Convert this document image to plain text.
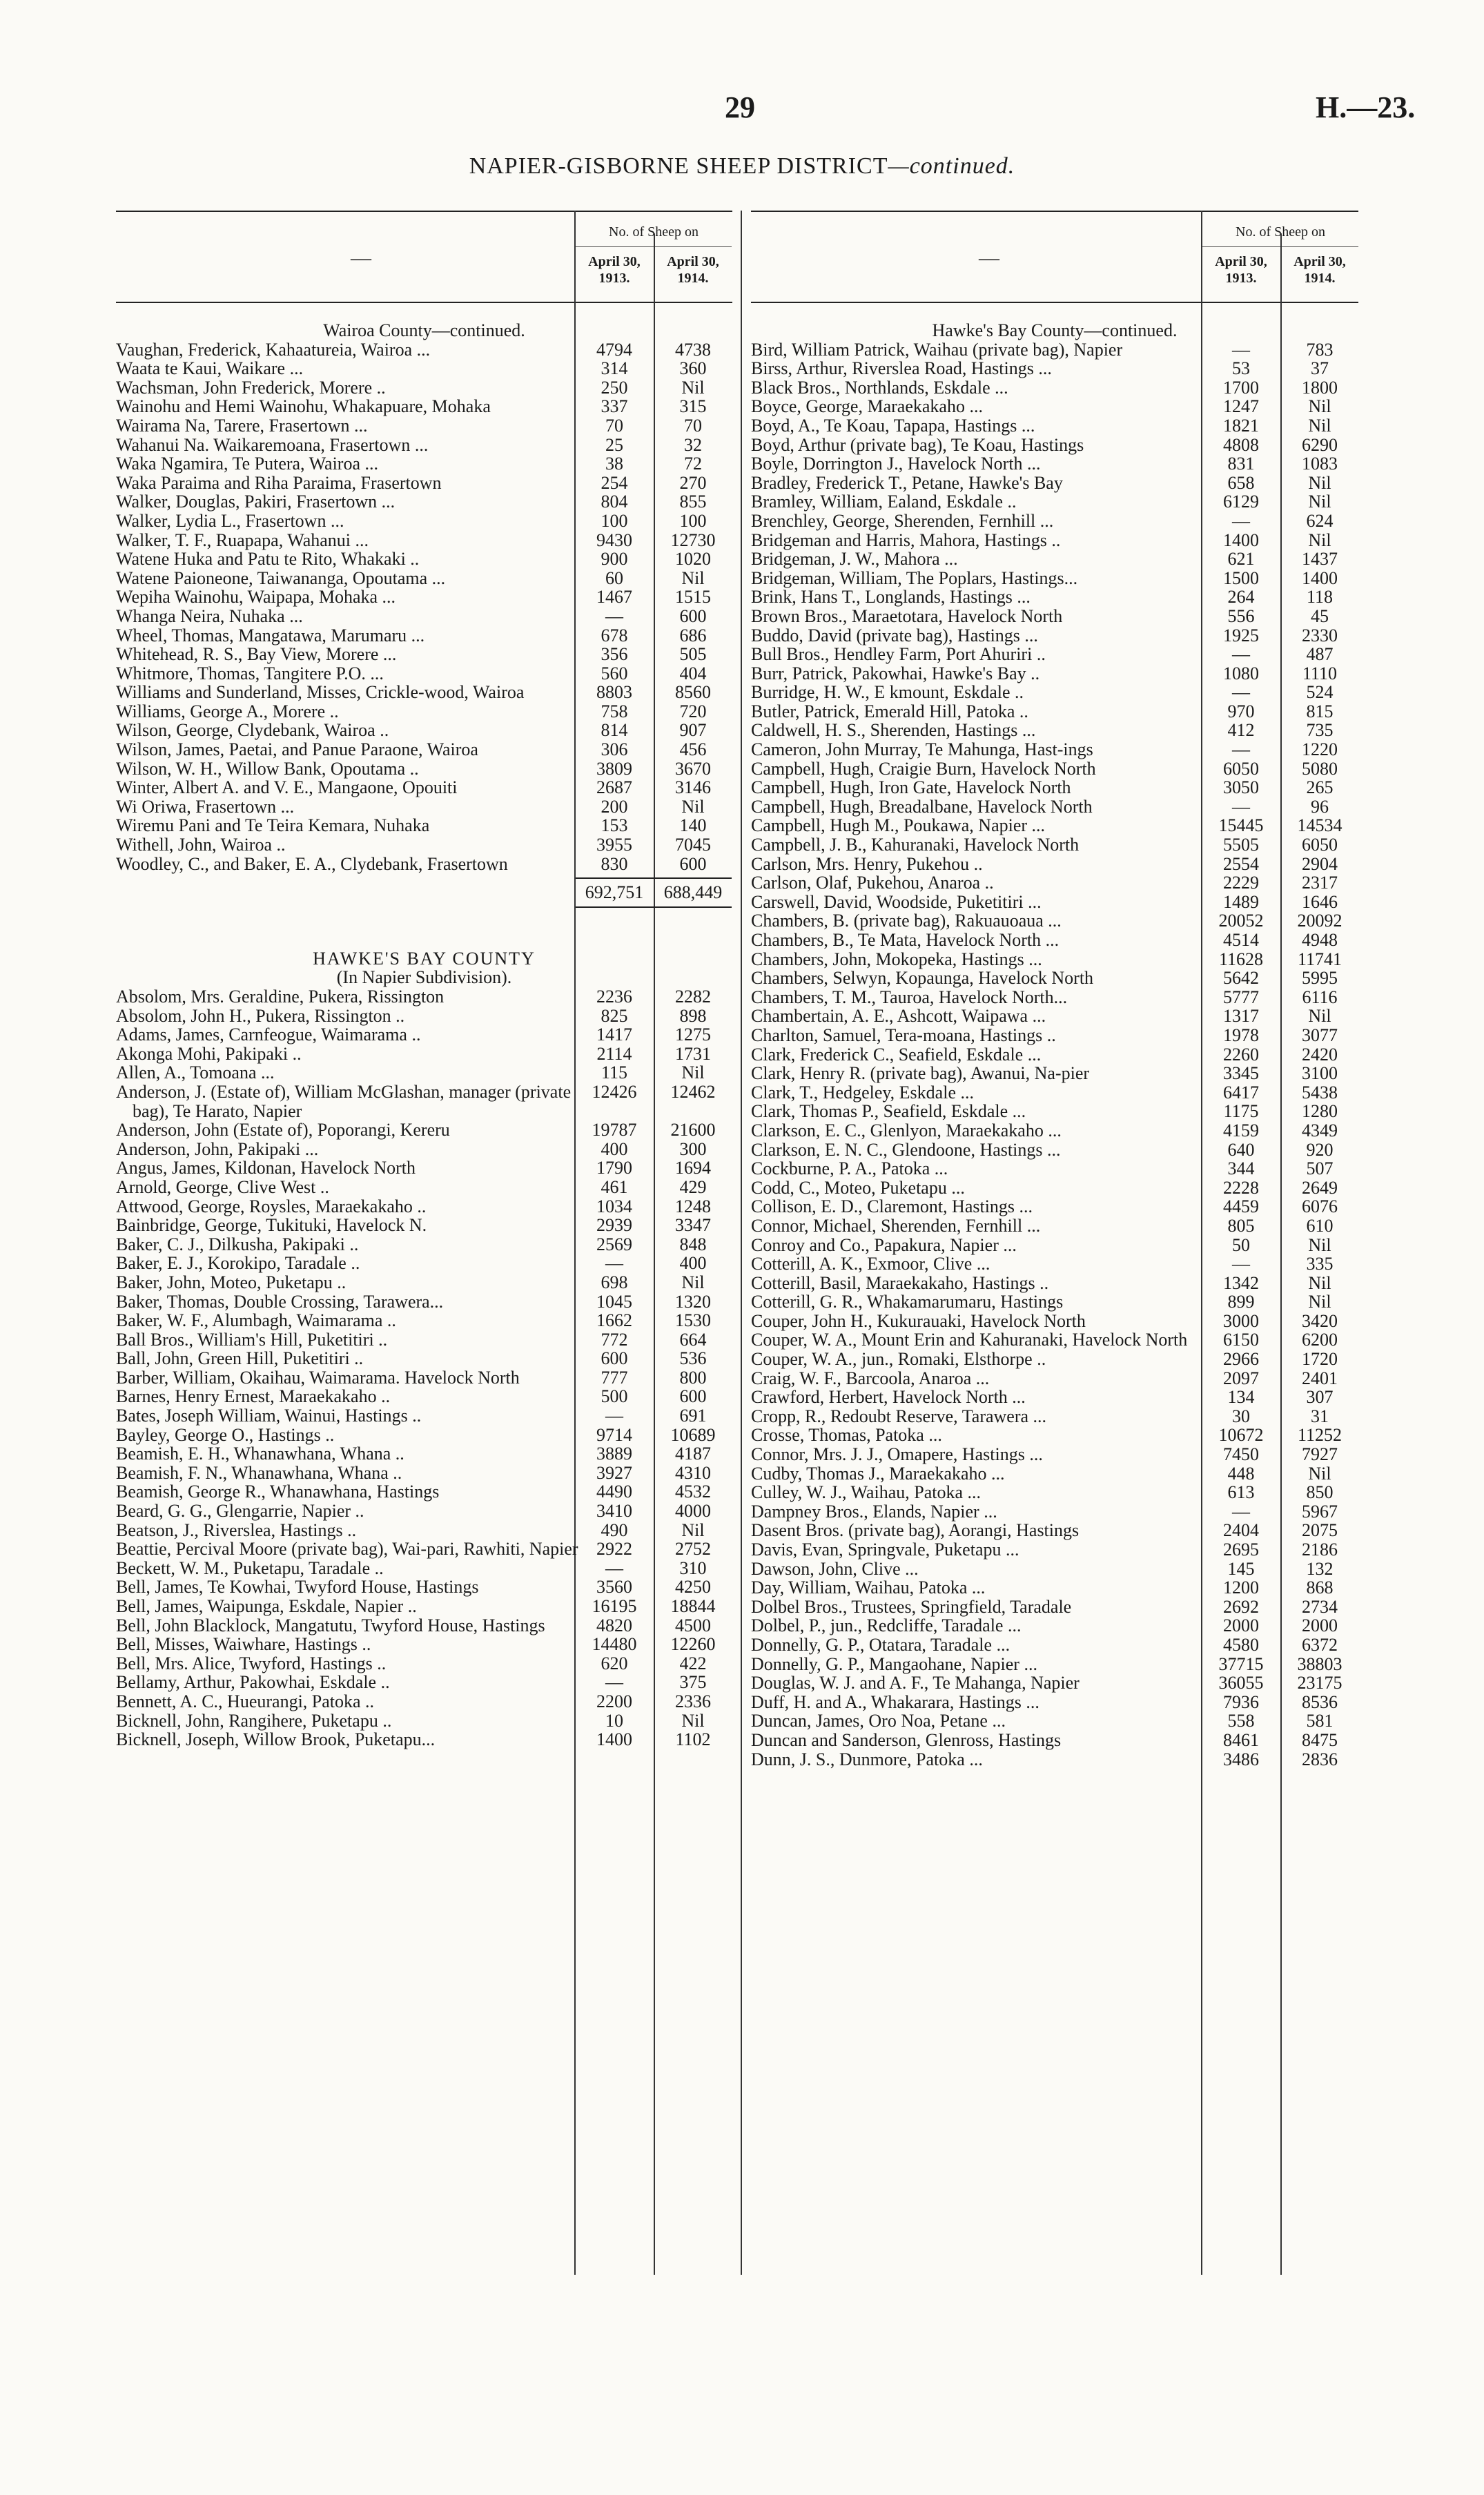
29	H.—23.
NAPIER-GISBORNE SHEEP DISTRICT—continued.
—
No. of Sheep on
April 30,
1913.
April 30,
1914.
Wairoa County—continued.
Vaughan, Frederick, Kahaatureia, Wairoa ...	4794	4738
Waata te Kaui, Waikare ...	314	360
Wachsman, John Frederick, Morere ..	250	Nil
Wainohu and Hemi Wainohu, Whakapuare, Mohaka	337	315
Wairama Na, Tarere, Frasertown ...	70	70
Wahanui Na. Waikaremoana, Frasertown ...	25	32
Waka Ngamira, Te Putera, Wairoa ...	38	72
Waka Paraima and Riha Paraima, Frasertown	254	270
Walker, Douglas, Pakiri, Frasertown ...	804	855
Walker, Lydia L., Frasertown ...	100	100
Walker, T. F., Ruapapa, Wahanui ...	9430	12730
Watene Huka and Patu te Rito, Whakaki ..	900	1020
Watene Paioneone, Taiwananga, Opoutama ...	60	Nil
Wepiha Wainohu, Waipapa, Mohaka ...	1467	1515
Whanga Neira, Nuhaka ...	—	600
Wheel, Thomas, Mangatawa, Marumaru ...	678	686
Whitehead, R. S., Bay View, Morere ...	356	505
Whitmore, Thomas, Tangitere P.O. ...	560	404
Williams and Sunderland, Misses, Crickle-wood, Wairoa	8803	8560
Williams, George A., Morere ..	758	720
Wilson, George, Clydebank, Wairoa ..	814	907
Wilson, James, Paetai, and Panue Paraone, Wairoa	306	456
Wilson, W. H., Willow Bank, Opoutama ..	3809	3670
Winter, Albert A. and V. E., Mangaone, Opouiti	2687	3146
Wi Oriwa, Frasertown ...	200	Nil
Wiremu Pani and Te Teira Kemara, Nuhaka	153	140
Withell, John, Wairoa ..	3955	7045
Woodley, C., and Baker, E. A., Clydebank, Frasertown	830	600

692,751	688,449
HAWKE'S BAY COUNTY
(In Napier Subdivision).
Absolom, Mrs. Geraldine, Pukera, Rissington	2236	2282
Absolom, John H., Pukera, Rissington ..	825	898
Adams, James, Carnfeogue, Waimarama ..	1417	1275
Akonga Mohi, Pakipaki ..	2114	1731
Allen, A., Tomoana ...	115	Nil
Anderson, J. (Estate of), William McGlashan, manager (private bag), Te Harato, Napier
12426	12462
Anderson, John (Estate of), Poporangi, Kereru	19787	21600
Anderson, John, Pakipaki ...	400	300
Angus, James, Kildonan, Havelock North	1790	1694
Arnold, George, Clive West ..	461	429
Attwood, George, Roysles, Maraekakaho ..	1034	1248
Bainbridge, George, Tukituki, Havelock N.	2939	3347
Baker, C. J., Dilkusha, Pakipaki ..	2569	848
Baker, E. J., Korokipo, Taradale ..	—	400
Baker, John, Moteo, Puketapu ..	698	Nil
Baker, Thomas, Double Crossing, Tarawera...	1045	1320
Baker, W. F., Alumbagh, Waimarama ..	1662	1530
Ball Bros., William's Hill, Puketitiri ..	772	664
Ball, John, Green Hill, Puketitiri ..	600	536
Barber, William, Okaihau, Waimarama. Havelock North	777	800
Barnes, Henry Ernest, Maraekakaho ..	500	600
Bates, Joseph William, Wainui, Hastings ..	—	691
Bayley, George O., Hastings ..	9714	10689
Beamish, E. H., Whanawhana, Whana ..	3889	4187
Beamish, F. N., Whanawhana, Whana ..	3927	4310
Beamish, George R., Whanawhana, Hastings	4490	4532
Beard, G. G., Glengarrie, Napier ..	3410	4000
Beatson, J., Riverslea, Hastings ..	490	Nil
Beattie, Percival Moore (private bag), Wai-pari, Rawhiti, Napier	2922	2752
Beckett, W. M., Puketapu, Taradale ..	—	310
Bell, James, Te Kowhai, Twyford House, Hastings	3560	4250
Bell, James, Waipunga, Eskdale, Napier ..	16195	18844
Bell, John Blacklock, Mangatutu, Twyford House, Hastings	4820	4500
Bell, Misses, Waiwhare, Hastings ..	14480	12260
Bell, Mrs. Alice, Twyford, Hastings ..	620	422
Bellamy, Arthur, Pakowhai, Eskdale ..	—	375
Bennett, A. C., Hueurangi, Patoka ..	2200	2336
Bicknell, John, Rangihere, Puketapu ..	10	Nil
Bicknell, Joseph, Willow Brook, Puketapu...	1400	1102
—
No. of Sheep on
April 30,
1913.
April 30,
1914.
Hawke's Bay County—continued.
Bird, William Patrick, Waihau (private bag), Napier	—	783
Birss, Arthur, Riverslea Road, Hastings ...	53	37
Black Bros., Northlands, Eskdale ...	1700	1800
Boyce, George, Maraekakaho ...	1247	Nil
Boyd, A., Te Koau, Tapapa, Hastings ...	1821	Nil
Boyd, Arthur (private bag), Te Koau, Hastings	4808	6290
Boyle, Dorrington J., Havelock North ...	831	1083
Bradley, Frederick T., Petane, Hawke's Bay	658	Nil
Bramley, William, Ealand, Eskdale ..	6129	Nil
Brenchley, George, Sherenden, Fernhill ...	—	624
Bridgeman and Harris, Mahora, Hastings ..	1400	Nil
Bridgeman, J. W., Mahora ...	621	1437
Bridgeman, William, The Poplars, Hastings...	1500	1400
Brink, Hans T., Longlands, Hastings ...	264	118
Brown Bros., Maraetotara, Havelock North	556	45
Buddo, David (private bag), Hastings ...	1925	2330
Bull Bros., Hendley Farm, Port Ahuriri ..	—	487
Burr, Patrick, Pakowhai, Hawke's Bay ..	1080	1110
Burridge, H. W., E kmount, Eskdale ..	—	524
Butler, Patrick, Emerald Hill, Patoka ..	970	815
Caldwell, H. S., Sherenden, Hastings ...	412	735
Cameron, John Murray, Te Mahunga, Hast-ings	—	1220
Campbell, Hugh, Craigie Burn, Havelock North	6050	5080
Campbell, Hugh, Iron Gate, Havelock North	3050	265
Campbell, Hugh, Breadalbane, Havelock North	—	96
Campbell, Hugh M., Poukawa, Napier ...	15445	14534
Campbell, J. B., Kahuranaki, Havelock North	5505	6050
Carlson, Mrs. Henry, Pukehou ..	2554	2904
Carlson, Olaf, Pukehou, Anaroa ..	2229	2317
Carswell, David, Woodside, Puketitiri ...	1489	1646
Chambers, B. (private bag), Rakuauoaua ...	20052	20092
Chambers, B., Te Mata, Havelock North ...	4514	4948
Chambers, John, Mokopeka, Hastings ...	11628	11741
Chambers, Selwyn, Kopaunga, Havelock North	5642	5995
Chambers, T. M., Tauroa, Havelock North...	5777	6116
Chambertain, A. E., Ashcott, Waipawa ...	1317	Nil
Charlton, Samuel, Tera-moana, Hastings ..	1978	3077
Clark, Frederick C., Seafield, Eskdale ...	2260	2420
Clark, Henry R. (private bag), Awanui, Na-pier	3345	3100
Clark, T., Hedgeley, Eskdale ...	6417	5438
Clark, Thomas P., Seafield, Eskdale ...	1175	1280
Clarkson, E. C., Glenlyon, Maraekakaho ...	4159	4349
Clarkson, E. N. C., Glendoone, Hastings ...	640	920
Cockburne, P. A., Patoka ...	344	507
Codd, C., Moteo, Puketapu ...	2228	2649
Collison, E. D., Claremont, Hastings ...	4459	6076
Connor, Michael, Sherenden, Fernhill ...	805	610
Conroy and Co., Papakura, Napier ...	50	Nil
Cotterill, A. K., Exmoor, Clive ...	—	335
Cotterill, Basil, Maraekakaho, Hastings ..	1342	Nil
Cotterill, G. R., Whakamarumaru, Hastings	899	Nil
Couper, John H., Kukurauaki, Havelock North	3000	3420
Couper, W. A., Mount Erin and Kahuranaki, Havelock North	6150	6200
Couper, W. A., jun., Romaki, Elsthorpe ..	2966	1720
Craig, W. F., Barcoola, Anaroa ...	2097	2401
Crawford, Herbert, Havelock North ...	134	307
Cropp, R., Redoubt Reserve, Tarawera ...	30	31
Crosse, Thomas, Patoka ...	10672	11252
Connor, Mrs. J. J., Omapere, Hastings ...	7450	7927
Cudby, Thomas J., Maraekakaho ...	448	Nil
Culley, W. J., Waihau, Patoka ...	613	850
Dampney Bros., Elands, Napier ...	—	5967
Dasent Bros. (private bag), Aorangi, Hastings	2404	2075
Davis, Evan, Springvale, Puketapu ...	2695	2186
Dawson, John, Clive ...	145	132
Day, William, Waihau, Patoka ...	1200	868
Dolbel Bros., Trustees, Springfield, Taradale	2692	2734
Dolbel, P., jun., Redcliffe, Taradale ...	2000	2000
Donnelly, G. P., Otatara, Taradale ...	4580	6372
Donnelly, G. P., Mangaohane, Napier ...	37715	38803
Douglas, W. J. and A. F., Te Mahanga, Napier	36055	23175
Duff, H. and A., Whakarara, Hastings ...	7936	8536
Duncan, James, Oro Noa, Petane ...	558	581
Duncan and Sanderson, Glenross, Hastings	8461	8475
Dunn, J. S., Dunmore, Patoka ...	3486	2836
